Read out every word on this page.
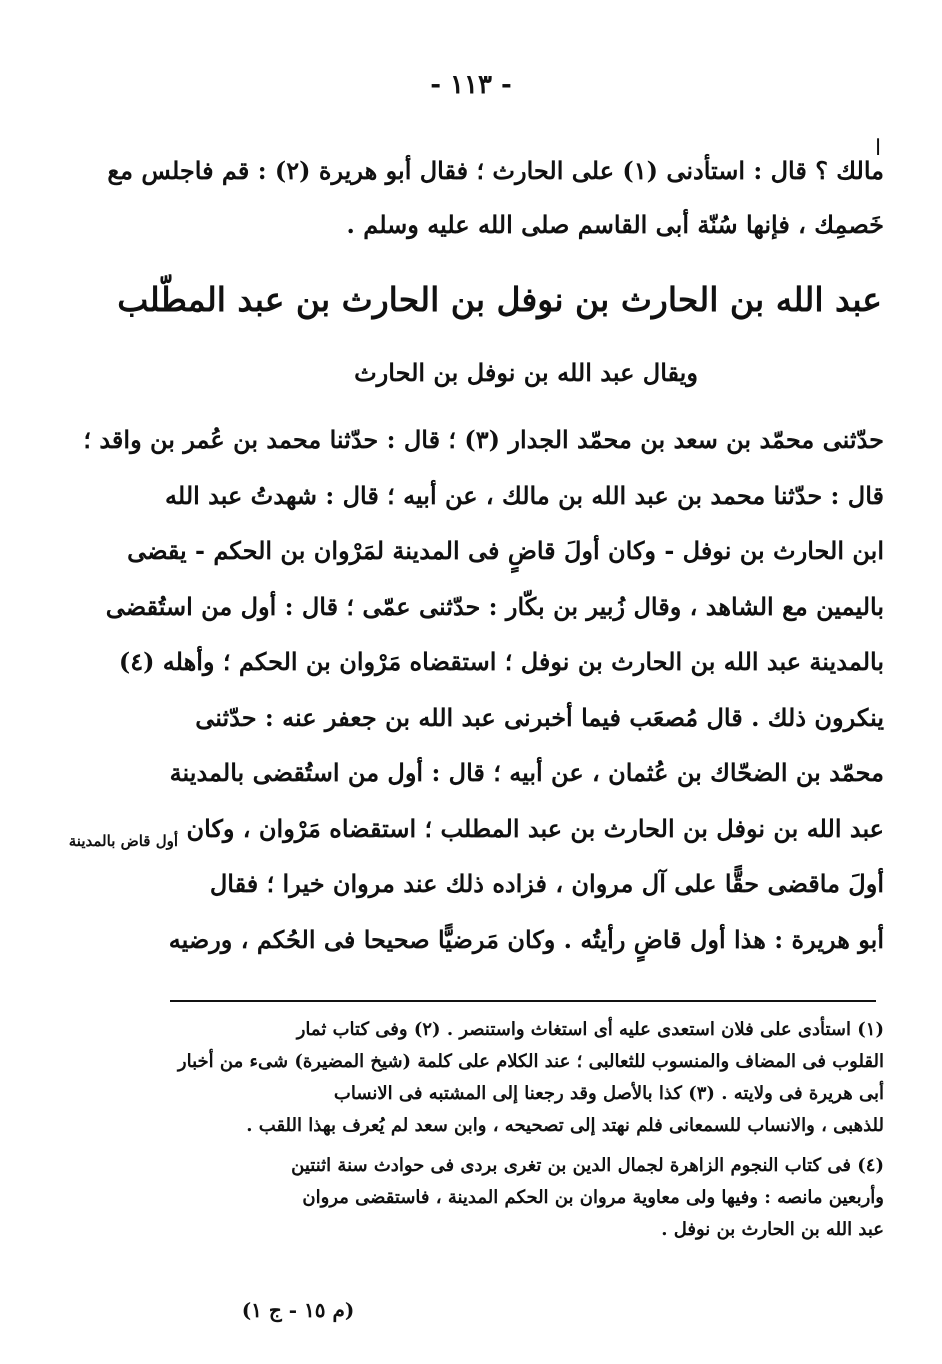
- ١١٣ -
ا
مالك ؟ قال : استأدنى (١) على الحارث ؛ فقال أبو هريرة (٢) : قم فاجلس مع
خَصمِك ، فإنها سُنّة أبى القاسم صلى الله عليه وسلم .
عبد الله بن الحارث بن نوفل بن الحارث بن عبد المطّلب
ويقال عبد الله بن نوفل بن الحارث
حدّثنى محمّد بن سعد بن محمّد الجدار (٣) ؛ قال : حدّثنا محمد بن عُمر بن واقد ؛
قال : حدّثنا محمد بن عبد الله بن مالك ، عن أبيه ؛ قال : شهدتُ عبد الله
ابن الحارث بن نوفل - وكان أولَ قاضٍ فى المدينة لمَرْوان بن الحكم - يقضى
باليمين مع الشاهد ، وقال زُبير بن بكّار : حدّثنى عمّى ؛ قال : أول من استُقضى
بالمدينة عبد الله بن الحارث بن نوفل ؛ استقضاه مَرْوان بن الحكم ؛ وأهله (٤)
ينكرون ذلك . قال مُصعَب فيما أخبرنى عبد الله بن جعفر عنه : حدّثنى
محمّد بن الضحّاك بن عُثمان ، عن أبيه ؛ قال : أول من استُقضى بالمدينة
عبد الله بن نوفل بن الحارث بن عبد المطلب ؛ استقضاه مَرْوان ، وكان
أولَ ماقضى حقًّا على آل مروان ، فزاده ذلك عند مروان خيرا ؛ فقال
أبو هريرة : هذا أول قاضٍ رأيتُه . وكان مَرضيًّا صحيحا فى الحُكم ، ورضيه
أول قاض بالمدينة
(١) استأدى على فلان استعدى عليه أى استغاث واستنصر . (٢) وفى كتاب ثمار
القلوب فى المضاف والمنسوب للثعالبى ؛ عند الكلام على كلمة (شيخ المضيرة) شىء من أخبار
أبى هريرة فى ولايته . (٣) كذا بالأصل وقد رجعنا إلى المشتبه فى الانساب
للذهبى ، والانساب للسمعانى فلم نهتد إلى تصحيحه ، وابن سعد لم يُعرف بهذا اللقب .
(٤) فى كتاب النجوم الزاهرة لجمال الدين بن تغرى بردى فى حوادث سنة اثنتين
وأربعين مانصه : وفيها ولى معاوية مروان بن الحكم المدينة ، فاستقضى مروان
عبد الله بن الحارث بن نوفل .
(م ١٥ - ج ١)
